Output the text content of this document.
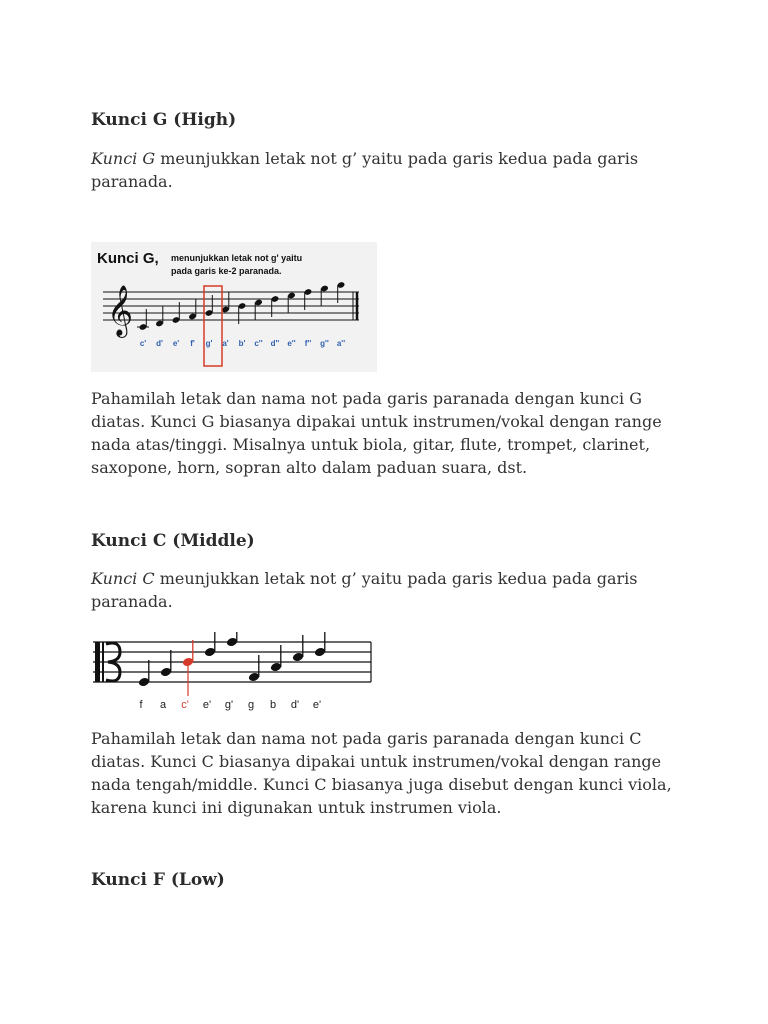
Kunci G (High)

Kunci G meunjukkan letak not g’ yaitu pada garis kedua pada garis paranada.

Kunci G, menunjukkan letak not g' yaitu
pada garis ke-2 paranada.
𝄞
c' d' e' f' g' a' b' c'' d'' e'' f'' g'' a''

Pahamilah letak dan nama not pada garis paranada dengan kunci G diatas. Kunci G biasanya dipakai untuk instrumen/vokal dengan range nada atas/tinggi. Misalnya untuk biola, gitar, flute, trompet, clarinet, saxopone, horn, sopran alto dalam paduan suara, dst.

Kunci C (Middle)

Kunci C meunjukkan letak not g’ yaitu pada garis kedua pada garis paranada.

f a c' e' g' g b d' e'

Pahamilah letak dan nama not pada garis paranada dengan kunci C diatas. Kunci C biasanya dipakai untuk instrumen/vokal dengan range nada tengah/middle. Kunci C biasanya juga disebut dengan kunci viola, karena kunci ini digunakan untuk instrumen viola.

Kunci F (Low)
